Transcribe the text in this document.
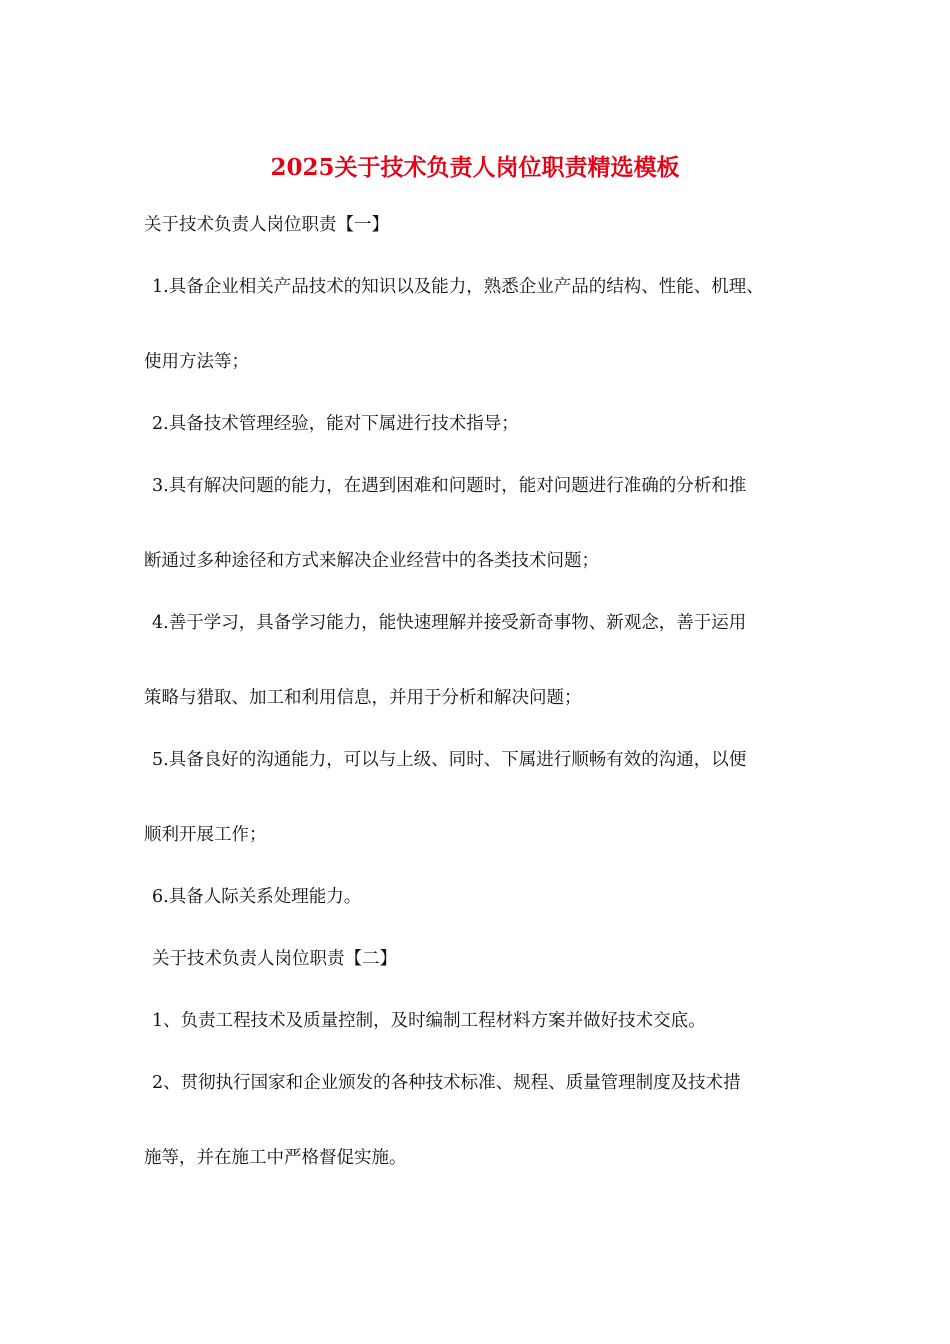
2025关于技术负责人岗位职责精选模板
关于技术负责人岗位职责【一】
1.具备企业相关产品技术的知识以及能力，熟悉企业产品的结构、性能、机理、
使用方法等；
2.具备技术管理经验，能对下属进行技术指导；
3.具有解决问题的能力，在遇到困难和问题时，能对问题进行准确的分析和推
断通过多种途径和方式来解决企业经营中的各类技术问题；
4.善于学习，具备学习能力，能快速理解并接受新奇事物、新观念，善于运用
策略与猎取、加工和利用信息，并用于分析和解决问题；
5.具备良好的沟通能力，可以与上级、同时、下属进行顺畅有效的沟通，以便
顺利开展工作；
6.具备人际关系处理能力。
关于技术负责人岗位职责【二】
1、负责工程技术及质量控制，及时编制工程材料方案并做好技术交底。
2、贯彻执行国家和企业颁发的各种技术标准、规程、质量管理制度及技术措
施等，并在施工中严格督促实施。
